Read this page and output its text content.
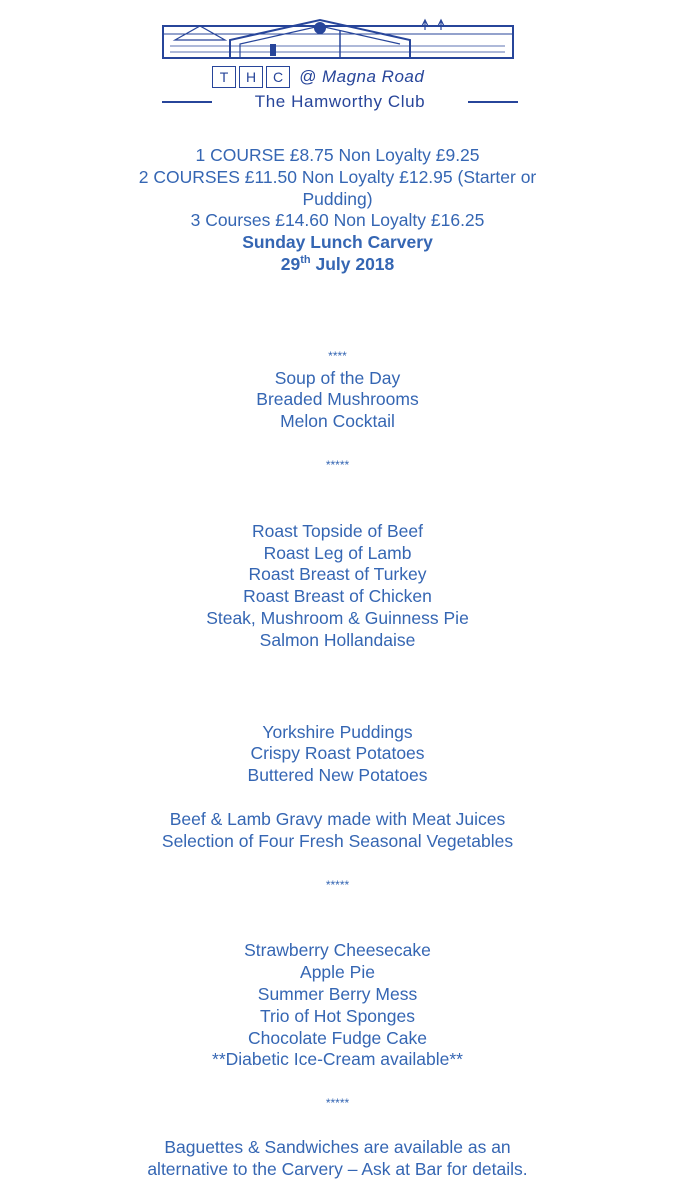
T	H	C @ Magna Road
The Hamworthy Club

1 COURSE £8.75 Non Loyalty £9.25

2 COURSES £11.50 Non Loyalty £12.95 (Starter or

Pudding)

3 Courses £14.60 Non Loyalty £16.25

Sunday Lunch Carvery

29th July 2018

****

Soup of the Day

Breaded Mushrooms

Melon Cocktail

*****

Roast Topside of Beef

Roast Leg of Lamb

Roast Breast of Turkey

Roast Breast of Chicken

Steak, Mushroom & Guinness Pie

Salmon Hollandaise

Yorkshire Puddings

Crispy Roast Potatoes

Buttered New Potatoes

Beef & Lamb Gravy made with Meat Juices

Selection of Four Fresh Seasonal Vegetables

*****

Strawberry Cheesecake

Apple Pie

Summer Berry Mess

Trio of Hot Sponges

Chocolate Fudge Cake

**Diabetic Ice-Cream available**

*****

Baguettes & Sandwiches are available as an

alternative to the Carvery – Ask at Bar for details.
